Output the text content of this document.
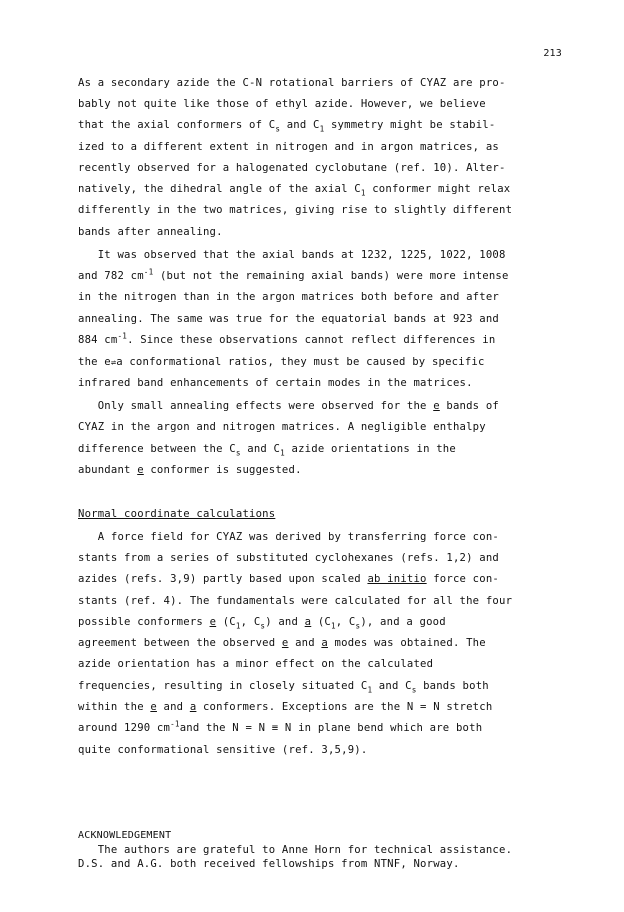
213
As a secondary azide the C-N rotational barriers of CYAZ are pro-
bably not quite like those of ethyl azide. However, we believe
that the axial conformers of $C_s$ and $C_1$ symmetry might be stabil-
ized to a different extent in nitrogen and in argon matrices, as
recently observed for a halogenated cyclobutane (ref. 10). Alter-
natively, the dihedral angle of the axial $C_1$ conformer might relax
differently in the two matrices, giving rise to slightly different
bands after annealing.
It was observed that the axial bands at 1232, 1225, 1022, 1008
and 782 $cm^{-1}$ (but not the remaining axial bands) were more intense
in the nitrogen than in the argon matrices both before and after
annealing. The same was true for the equatorial bands at 923 and
884 $cm^{-1}$. Since these observations cannot reflect differences in
the e⇌a conformational ratios, they must be caused by specific
infrared band enhancements of certain modes in the matrices.
Only small annealing effects were observed for the e bands of
CYAZ in the argon and nitrogen matrices. A negligible enthalpy
difference between the $C_s$ and $C_1$ azide orientations in the
abundant e conformer is suggested.
Normal coordinate calculations
A force field for CYAZ was derived by transferring force con-
stants from a series of substituted cyclohexanes (refs. 1,2) and
azides (refs. 3,9) partly based upon scaled ab initio force con-
stants (ref. 4). The fundamentals were calculated for all the four
possible conformers e ($C_1$, $C_s$) and a ($C_1$, $C_s$), and a good
agreement between the observed e and a modes was obtained. The
azide orientation has a minor effect on the calculated
frequencies, resulting in closely situated $C_1$ and $C_s$ bands both
within the e and a conformers. Exceptions are the N = N stretch
around 1290 $cm^{-1}and$ the N = N ≡ N in plane bend which are both
quite conformational sensitive (ref. 3,5,9).
ACKNOWLEDGEMENT
The authors are grateful to Anne Horn for technical assistance.
D.S. and A.G. both received fellowships from NTNF, Norway.
